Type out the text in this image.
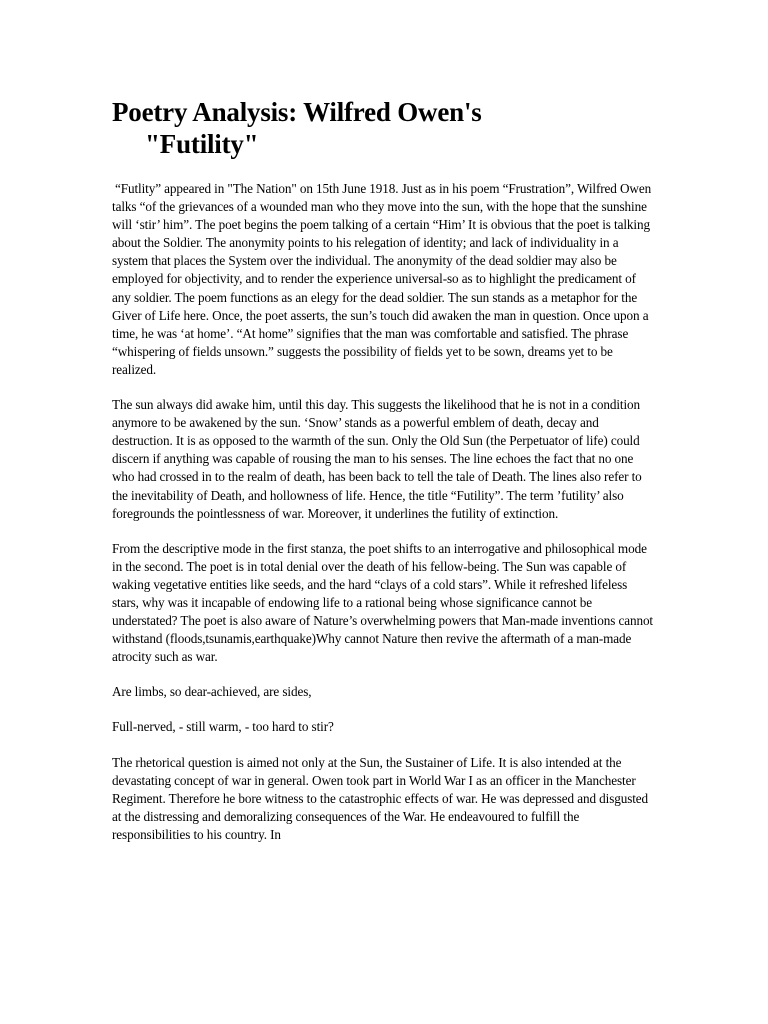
Poetry Analysis: Wilfred Owen's
"Futility"

“Futlity” appeared in "The Nation" on 15th June 1918. Just as in his poem “Frustration”, Wilfred Owen talks “of the grievances of a wounded man who they move into the sun, with the hope that the sunshine will ‘stir’ him”. The poet begins the poem talking of a certain “Him’ It is obvious that the poet is talking about the Soldier. The anonymity points to his relegation of identity; and lack of individuality in a system that places the System over the individual. The anonymity of the dead soldier may also be employed for objectivity, and to render the experience universal-so as to highlight the predicament of any soldier. The poem functions as an elegy for the dead soldier. The sun stands as a metaphor for the Giver of Life here. Once, the poet asserts, the sun’s touch did awaken the man in question. Once upon a time, he was ‘at home’. “At home” signifies that the man was comfortable and satisfied. The phrase “whispering of fields unsown.” suggests the possibility of fields yet to be sown, dreams yet to be realized.

The sun always did awake him, until this day. This suggests the likelihood that he is not in a condition anymore to be awakened by the sun. ‘Snow’ stands as a powerful emblem of death, decay and destruction. It is as opposed to the warmth of the sun. Only the Old Sun (the Perpetuator of life) could discern if anything was capable of rousing the man to his senses. The line echoes the fact that no one who had crossed in to the realm of death, has been back to tell the tale of Death. The lines also refer to the inevitability of Death, and hollowness of life. Hence, the title “Futility”. The term ’futility’ also foregrounds the pointlessness of war. Moreover, it underlines the futility of extinction.

From the descriptive mode in the first stanza, the poet shifts to an interrogative and philosophical mode in the second. The poet is in total denial over the death of his fellow-being. The Sun was capable of waking vegetative entities like seeds, and the hard “clays of a cold stars”. While it refreshed lifeless stars, why was it incapable of endowing life to a rational being whose significance cannot be understated? The poet is also aware of Nature’s overwhelming powers that Man-made inventions cannot withstand (floods,tsunamis,earthquake)Why cannot Nature then revive the aftermath of a man-made atrocity such as war.

Are limbs, so dear-achieved, are sides,

Full-nerved, - still warm, - too hard to stir?

The rhetorical question is aimed not only at the Sun, the Sustainer of Life. It is also intended at the devastating concept of war in general. Owen took part in World War I as an officer in the Manchester Regiment. Therefore he bore witness to the catastrophic effects of war. He was depressed and disgusted at the distressing and demoralizing consequences of the War. He endeavoured to fulfill the responsibilities to his country. In
